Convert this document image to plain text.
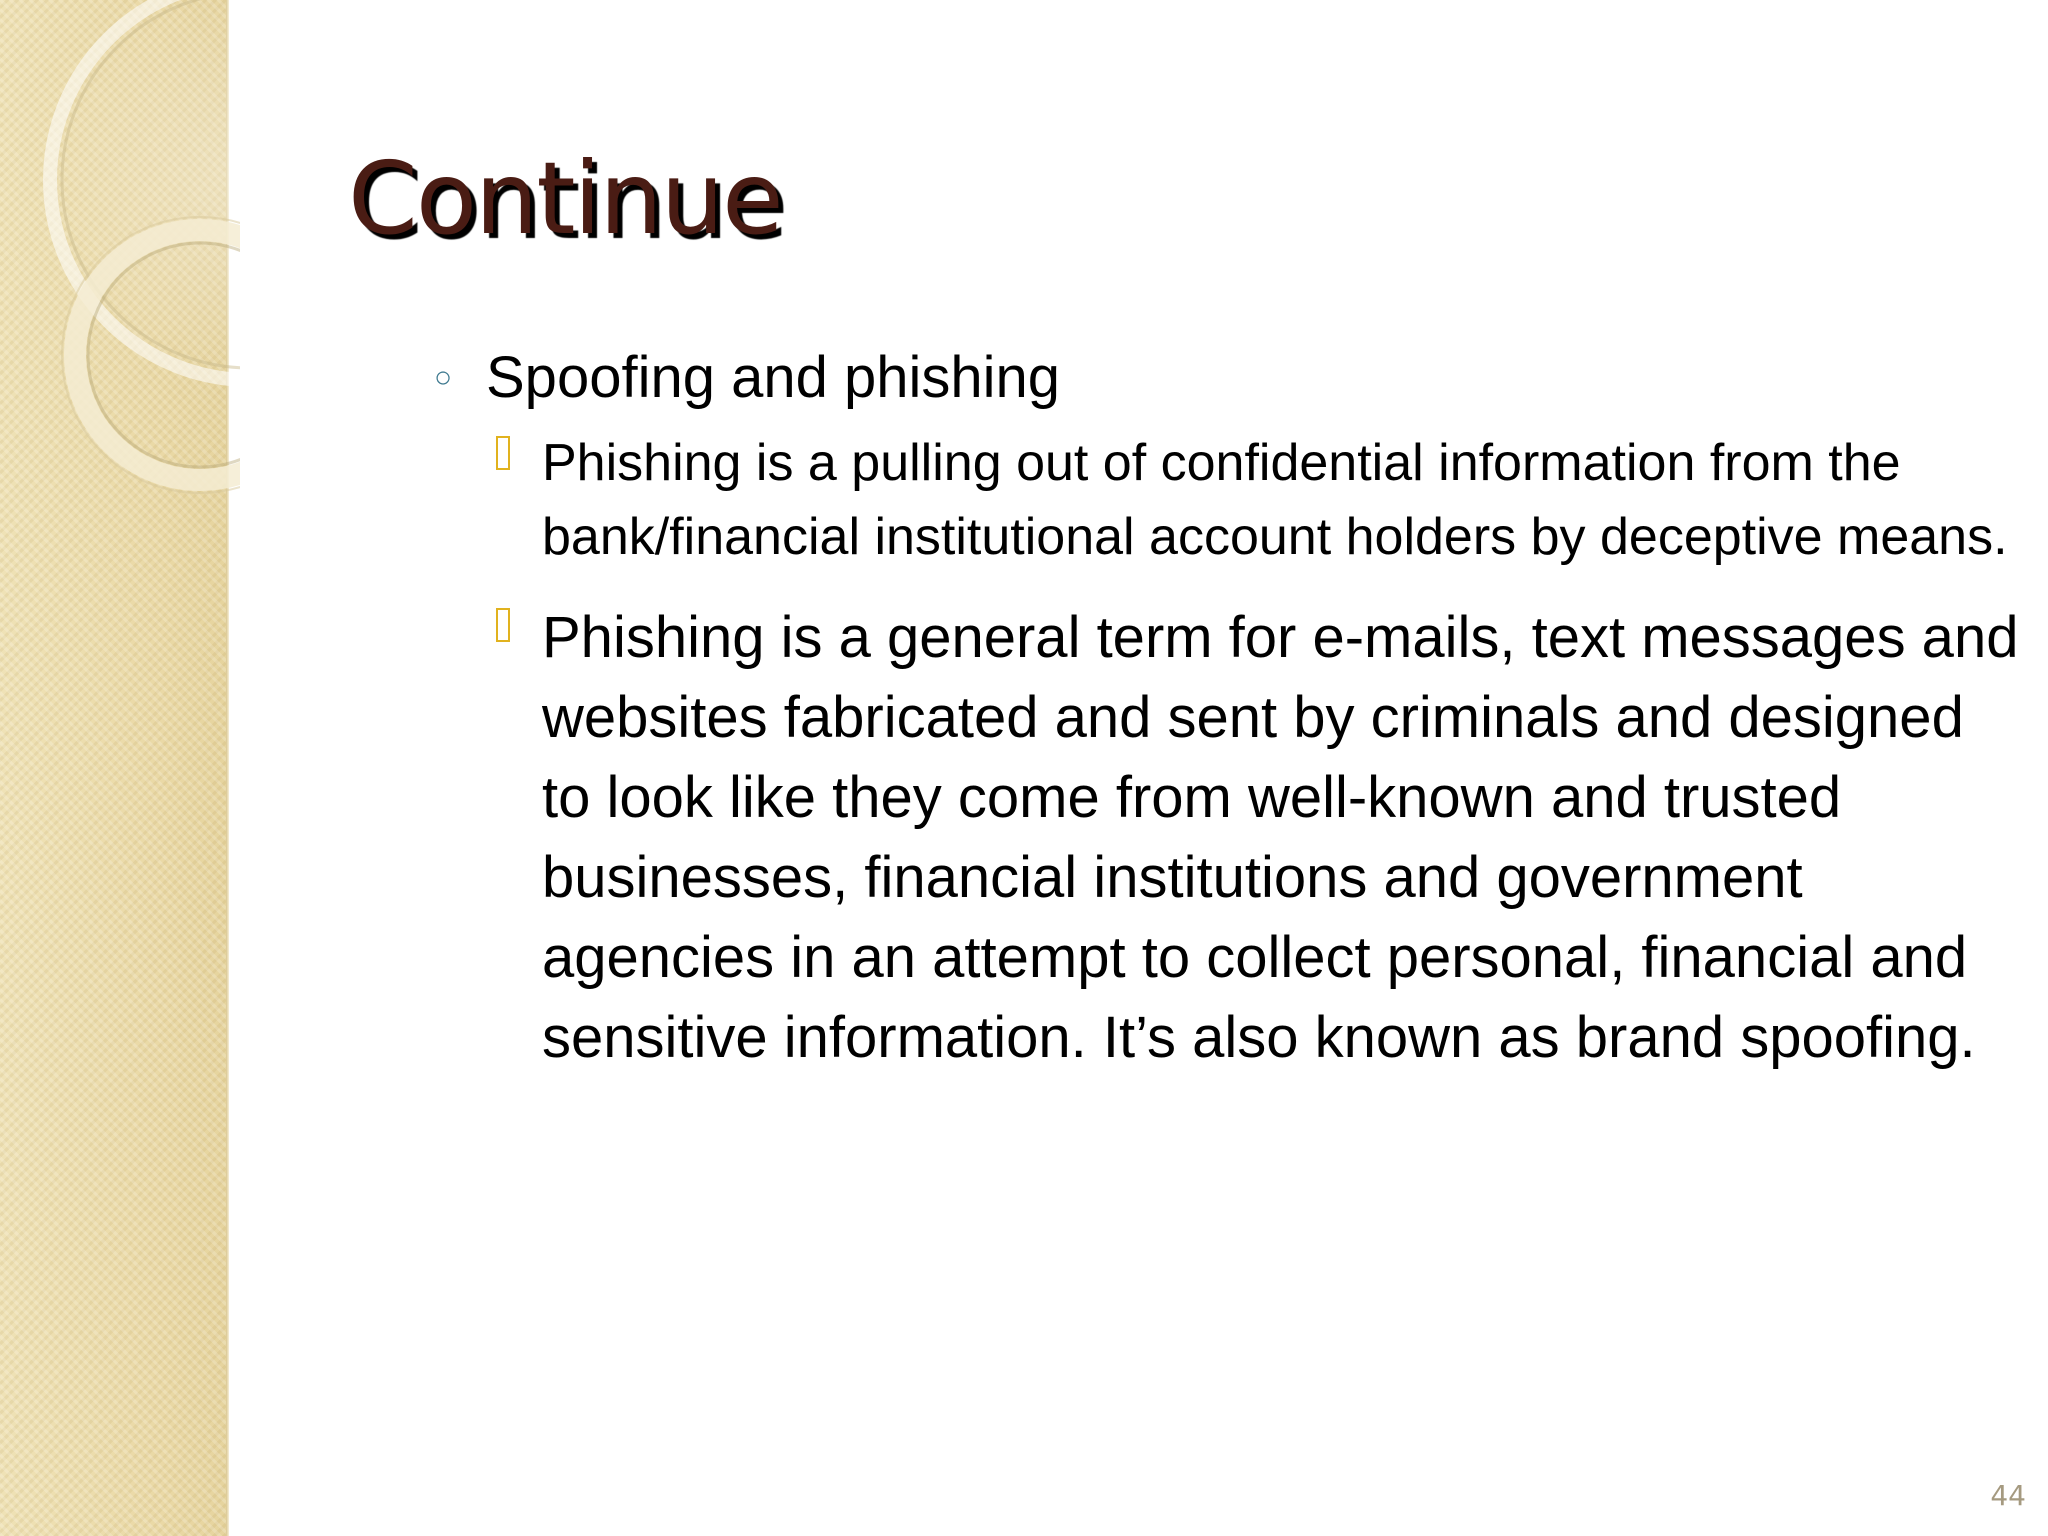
Continue
○ Spoofing and phishing
Phishing is a pulling out of confidential information from the bank/financial institutional account holders by deceptive means.
Phishing is a general term for e-mails, text messages and websites fabricated and sent by criminals and designed to look like they come from well-known and trusted businesses, financial institutions and government agencies in an attempt to collect personal, financial and sensitive information. It’s also known as brand spoofing.
44
